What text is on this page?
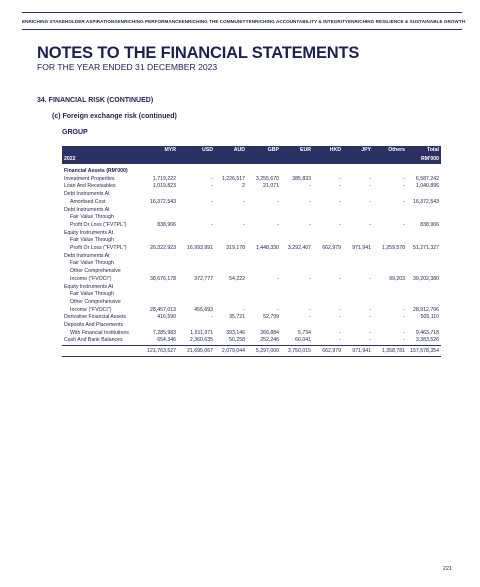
ENRICHING STAKEHOLDER ASPIRATIONS ENRICHING PERFORMANCE ENRICHING THE COMMUNITY ENRICHING ACCOUNTABILITY & INTEGRITY ENRICHING RESILIENCE & SUSTAINABLE GROWTH
NOTES TO THE FINANCIAL STATEMENTS
FOR THE YEAR ENDED 31 DECEMBER 2023
34. FINANCIAL RISK (CONTINUED)
(c) Foreign exchange risk (continued)
GROUP
	MYR	USD	AUD	GBP	EUR	HKD	JPY	Others	Total
2022									RM'000

Financial Assets (RM'000)									
Investment Properties	1,719,222	-	1,226,517	3,255,670	385,833	-	-	-	6,587,242
Loan And Receivables	1,019,823	-	2	21,071	-	-	-	-	1,040,896
Debt Instruments At									
Amortised Cost	16,372,543	-	-	-	-	-	-	-	16,372,543
Debt Instruments At									
Fair Value Through									
Profit Or Loss ("FVTPL")	838,906	-	-	-	-	-	-	-	838,906
Equity Instruments At									
Fair Value Through									
Profit Or Loss ("FVTPL")	26,322,923	16,993,991	319,178	1,448,330	3,292,407	662,979	971,941	1,259,578	51,271,327
Debt Instruments At									
Fair Value Through									
Other Comprehensive									
Income ("FVOCI")	38,676,178	372,777	54,222	-	-	-	-	99,203	39,202,380
Equity Instruments At									
Fair Value Through									
Other Comprehensive									
Income ("FVOCI")	28,457,013	455,693	-	-	-	-	-	-	28,912,706
Derivative Financial Assets	416,590	-	35,721	52,799	-	-	-	-	505,110
Deposits And Placements									
With Financial Institutions	7,285,983	1,511,971	393,146	266,884	5,734	-	-	-	9,463,718
Cash And Bank Balances	654,346	2,360,635	50,258	252,246	66,041	-	-	-	3,383,526
	121,763,527	21,695,067	2,079,044	5,297,000	3,750,015	662,979	971,941	1,358,781	157,578,354
221
